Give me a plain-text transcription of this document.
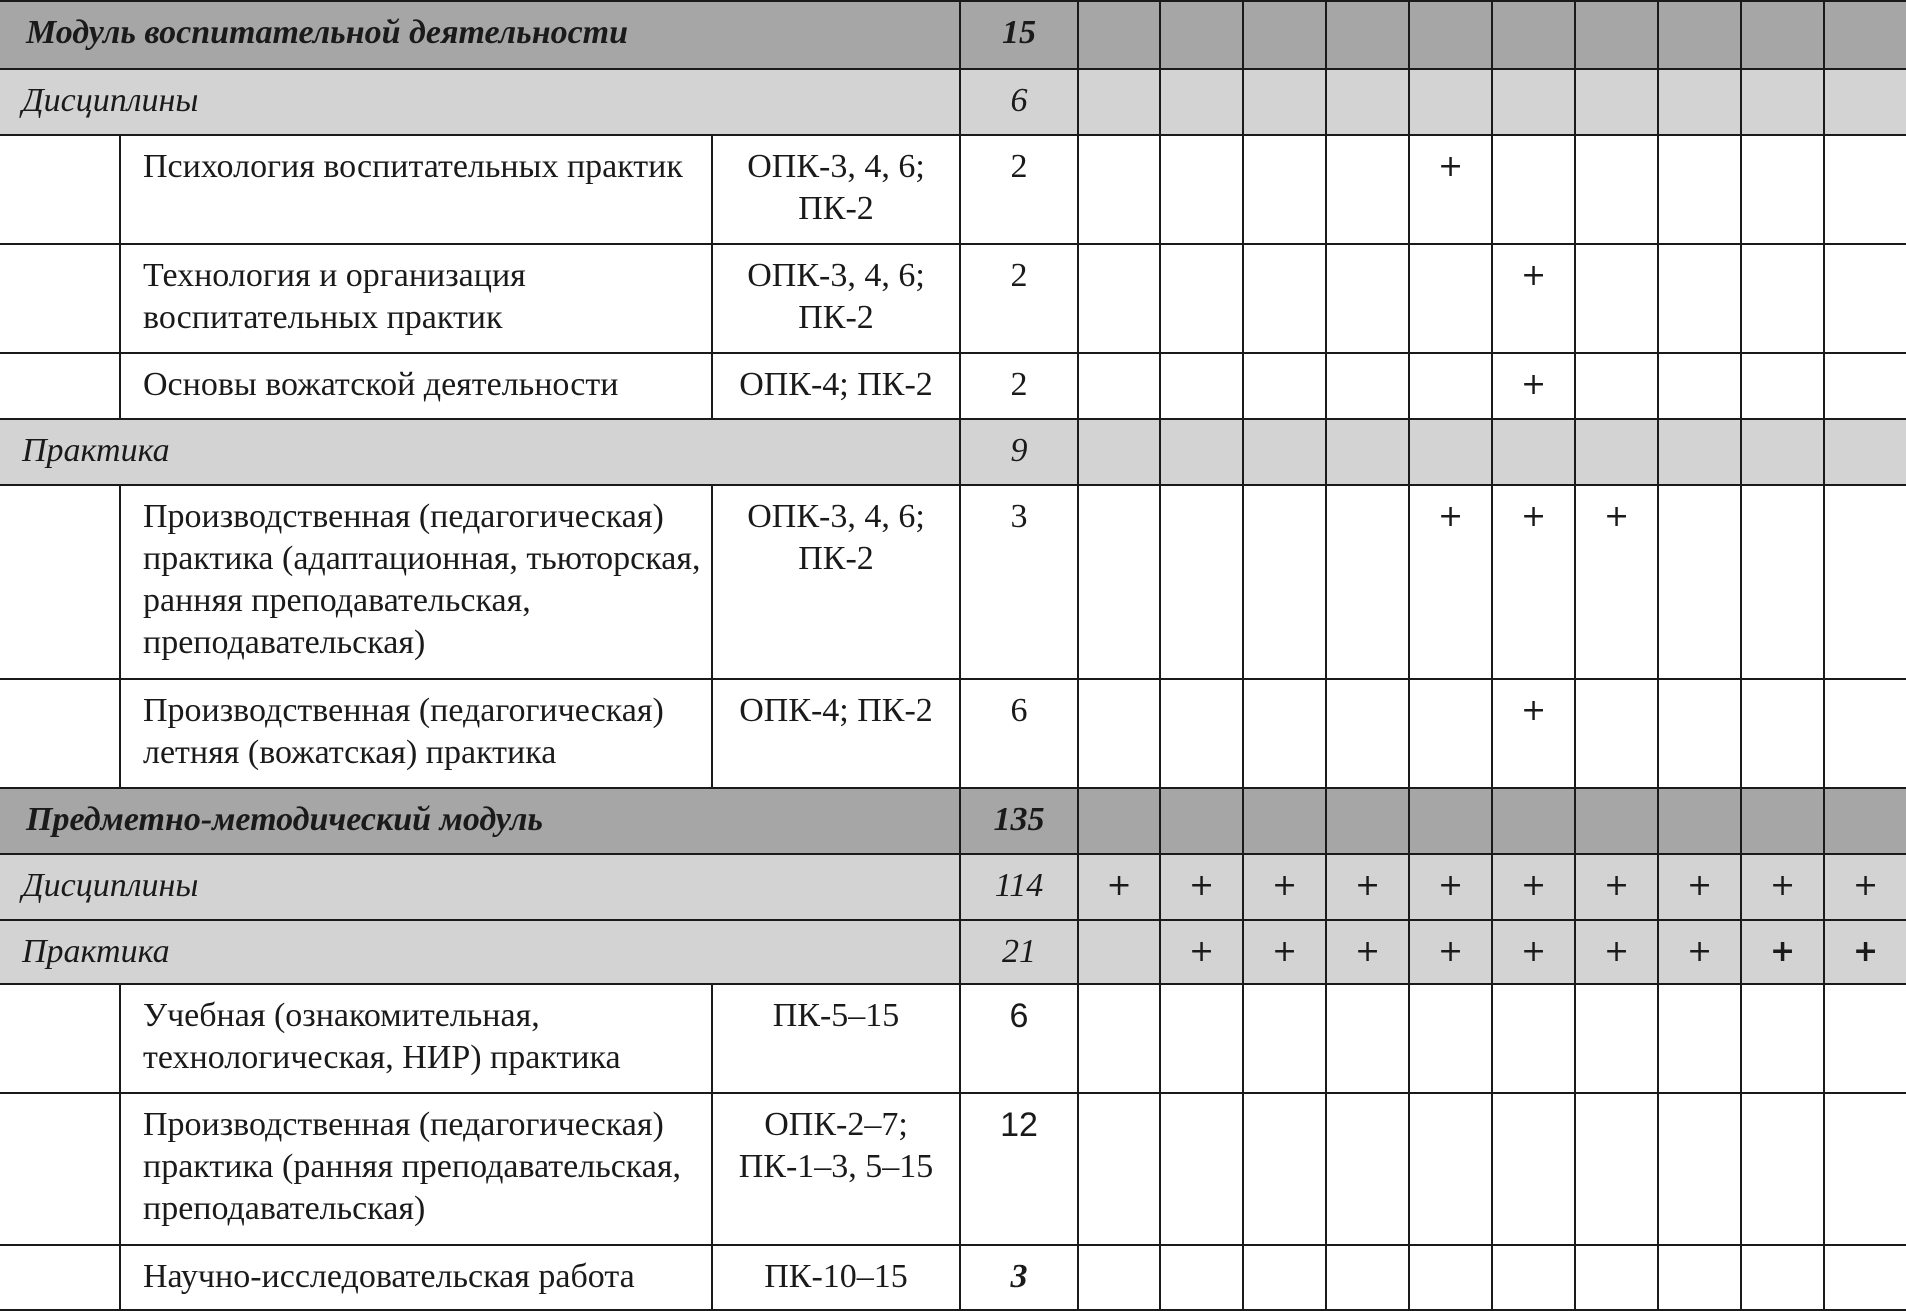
Модуль воспитательной деятельности			15										
Дисциплины			6										
	Психология воспитательных практик	ОПК-3, 4, 6; ПК-2	2					+					
	Технология и организация воспитательных практик	ОПК-3, 4, 6; ПК-2	2						+				
	Основы вожатской деятельности	ОПК-4; ПК-2	2						+				
Практика			9										
	Производственная (педагогическая) практика (адаптационная, тьюторская, ранняя преподавательская, преподавательская)	ОПК-3, 4, 6; ПК-2	3					+	+	+			
	Производственная (педагогическая) летняя (вожатская) практика	ОПК-4; ПК-2	6						+				
Предметно-методический модуль			135										
Дисциплины			114	+	+	+	+	+	+	+	+	+	+
Практика			21		+	+	+	+	+	+	+	+	+
	Учебная (ознакомительная, технологическая, НИР) практика	ПК-5–15	6										
	Производственная (педагогическая) практика (ранняя преподавательская, преподавательская)	ОПК-2–7; ПК-1–3, 5–15	12										
	Научно-исследовательская работа	ПК-10–15	3										
